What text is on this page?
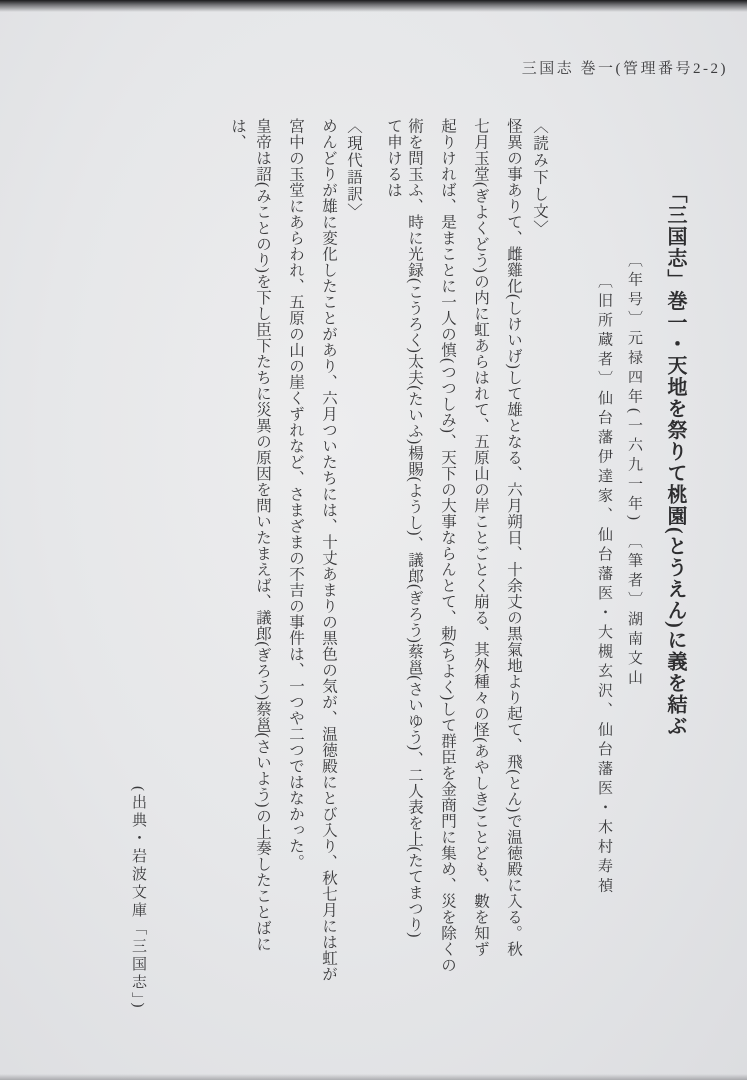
三国志 巻一(管理番号2-2)

「三国志」巻一・天地を祭りて桃園(とうえん)に義を結ぶ

〔年号〕元禄四年(一六九一年) 〔筆者〕湖南文山

〔旧所蔵者〕仙台藩伊達家、仙台藩医・大槻玄沢、仙台藩医・木村寿禎

〈読み下し文〉

怪異の事ありて、雌雞化(しけいげ)して雄となる、六月朔日、十余丈の黒氣地より起て、飛(とん)で温徳殿に入る。秋

七月玉堂(ぎよくどう)の内に虹あらはれて、五原山の岸ことごとく崩る、其外種々の怪(あやしき)ことども、數を知ず

起りければ、是まことに一人の慎(つつしみ)、天下の大事ならんとて、勅(ちよく)して群臣を金商門に集め、災を除くの

術を問玉ふ、時に光録(こうろく)太夫(たいふ)楊賜(ようし)、議郎(ぎろう)蔡邕(さいゆう)、二人表を上(たてまつり)

て申けるは

〈現代語訳〉

めんどりが雄に変化したことがあり、六月ついたちには、十丈あまりの黒色の気が、温徳殿にとび入り、秋七月には虹が

宮中の玉堂にあらわれ、五原の山の崖くずれなど、さまざまの不吉の事件は、一つや二つではなかった。

皇帝は詔(みことのり)を下し臣下たちに災異の原因を問いたまえば、議郎(ぎろう)蔡邕(さいよう)の上奏したことばに

は、

(出典・岩波文庫「三国志」)
